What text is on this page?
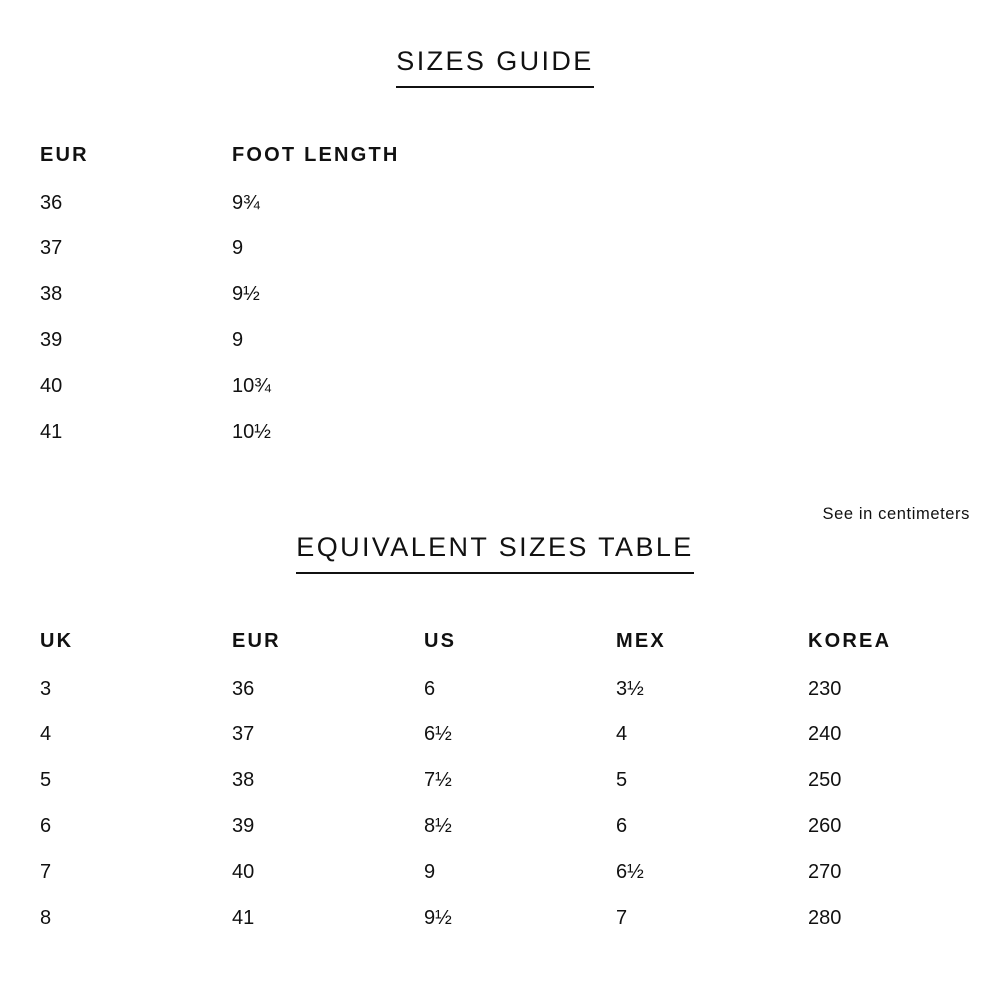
SIZES GUIDE
EUR	FOOT LENGTH
36	9¾
37	9
38	9½
39	9
40	10¾
41	10½
See in centimeters
EQUIVALENT SIZES TABLE
UK	EUR	US	MEX	KOREA
3	36	6	3½	230
4	37	6½	4	240
5	38	7½	5	250
6	39	8½	6	260
7	40	9	6½	270
8	41	9½	7	280
